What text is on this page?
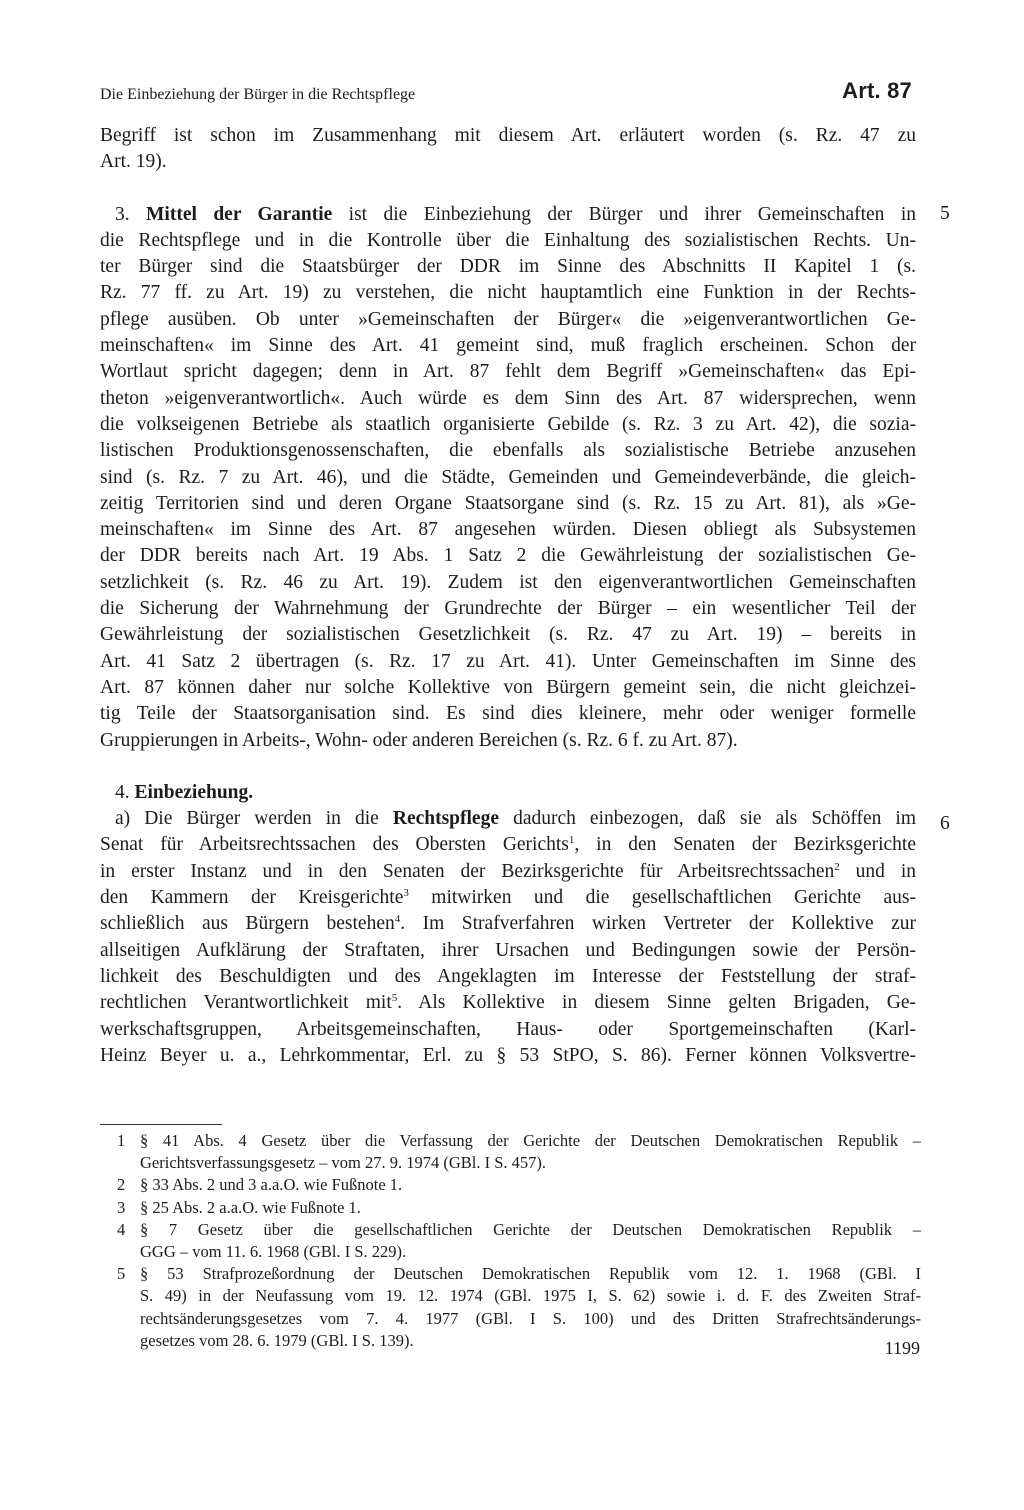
Die Einbeziehung der Bürger in die Rechtspflege	Art. 87
Begriff ist schon im Zusammenhang mit diesem Art. erläutert worden (s. Rz. 47 zu
Art. 19).
3. Mittel der Garantie ist die Einbeziehung der Bürger und ihrer Gemeinschaften in
die Rechtspflege und in die Kontrolle über die Einhaltung des sozialistischen Rechts. Un-
ter Bürger sind die Staatsbürger der DDR im Sinne des Abschnitts II Kapitel 1 (s.
Rz. 77 ff. zu Art. 19) zu verstehen, die nicht hauptamtlich eine Funktion in der Rechts-
pflege ausüben. Ob unter »Gemeinschaften der Bürger« die »eigenverantwortlichen Ge-
meinschaften« im Sinne des Art. 41 gemeint sind, muß fraglich erscheinen. Schon der
Wortlaut spricht dagegen; denn in Art. 87 fehlt dem Begriff »Gemeinschaften« das Epi-
theton »eigenverantwortlich«. Auch würde es dem Sinn des Art. 87 widersprechen, wenn
die volkseigenen Betriebe als staatlich organisierte Gebilde (s. Rz. 3 zu Art. 42), die sozia-
listischen Produktionsgenossenschaften, die ebenfalls als sozialistische Betriebe anzusehen
sind (s. Rz. 7 zu Art. 46), und die Städte, Gemeinden und Gemeindeverbände, die gleich-
zeitig Territorien sind und deren Organe Staatsorgane sind (s. Rz. 15 zu Art. 81), als »Ge-
meinschaften« im Sinne des Art. 87 angesehen würden. Diesen obliegt als Subsystemen
der DDR bereits nach Art. 19 Abs. 1 Satz 2 die Gewährleistung der sozialistischen Ge-
setzlichkeit (s. Rz. 46 zu Art. 19). Zudem ist den eigenverantwortlichen Gemeinschaften
die Sicherung der Wahrnehmung der Grundrechte der Bürger – ein wesentlicher Teil der
Gewährleistung der sozialistischen Gesetzlichkeit (s. Rz. 47 zu Art. 19) – bereits in
Art. 41 Satz 2 übertragen (s. Rz. 17 zu Art. 41). Unter Gemeinschaften im Sinne des
Art. 87 können daher nur solche Kollektive von Bürgern gemeint sein, die nicht gleichzei-
tig Teile der Staatsorganisation sind. Es sind dies kleinere, mehr oder weniger formelle
Gruppierungen in Arbeits-, Wohn- oder anderen Bereichen (s. Rz. 6 f. zu Art. 87).
4. Einbeziehung.
a) Die Bürger werden in die Rechtspflege dadurch einbezogen, daß sie als Schöffen im
Senat für Arbeitsrechtssachen des Obersten Gerichts$^1$, in den Senaten der Bezirksgerichte
in erster Instanz und in den Senaten der Bezirksgerichte für Arbeitsrechtssachen$^2$ und in
den Kammern der Kreisgerichte$^3$ mitwirken und die gesellschaftlichen Gerichte aus-
schließlich aus Bürgern bestehen$^4$. Im Strafverfahren wirken Vertreter der Kollektive zur
allseitigen Aufklärung der Straftaten, ihrer Ursachen und Bedingungen sowie der Persön-
lichkeit des Beschuldigten und des Angeklagten im Interesse der Feststellung der straf-
rechtlichen Verantwortlichkeit mit$^5$. Als Kollektive in diesem Sinne gelten Brigaden, Ge-
werkschaftsgruppen, Arbeitsgemeinschaften, Haus- oder Sportgemeinschaften (Karl-
Heinz Beyer u. a., Lehrkommentar, Erl. zu § 53 StPO, S. 86). Ferner können Volksvertre-
5
6
1 § 41 Abs. 4 Gesetz über die Verfassung der Gerichte der Deutschen Demokratischen Republik –
Gerichtsverfassungsgesetz – vom 27. 9. 1974 (GBl. I S. 457).
2 § 33 Abs. 2 und 3 a.a.O. wie Fußnote 1.
3 § 25 Abs. 2 a.a.O. wie Fußnote 1.
4 § 7 Gesetz über die gesellschaftlichen Gerichte der Deutschen Demokratischen Republik –
GGG – vom 11. 6. 1968 (GBl. I S. 229).
5 § 53 Strafprozeßordnung der Deutschen Demokratischen Republik vom 12. 1. 1968 (GBl. I
S. 49) in der Neufassung vom 19. 12. 1974 (GBl. 1975 I, S. 62) sowie i. d. F. des Zweiten Straf-
rechtsänderungsgesetzes vom 7. 4. 1977 (GBl. I S. 100) und des Dritten Strafrechtsänderungs-
gesetzes vom 28. 6. 1979 (GBl. I S. 139).	1199
